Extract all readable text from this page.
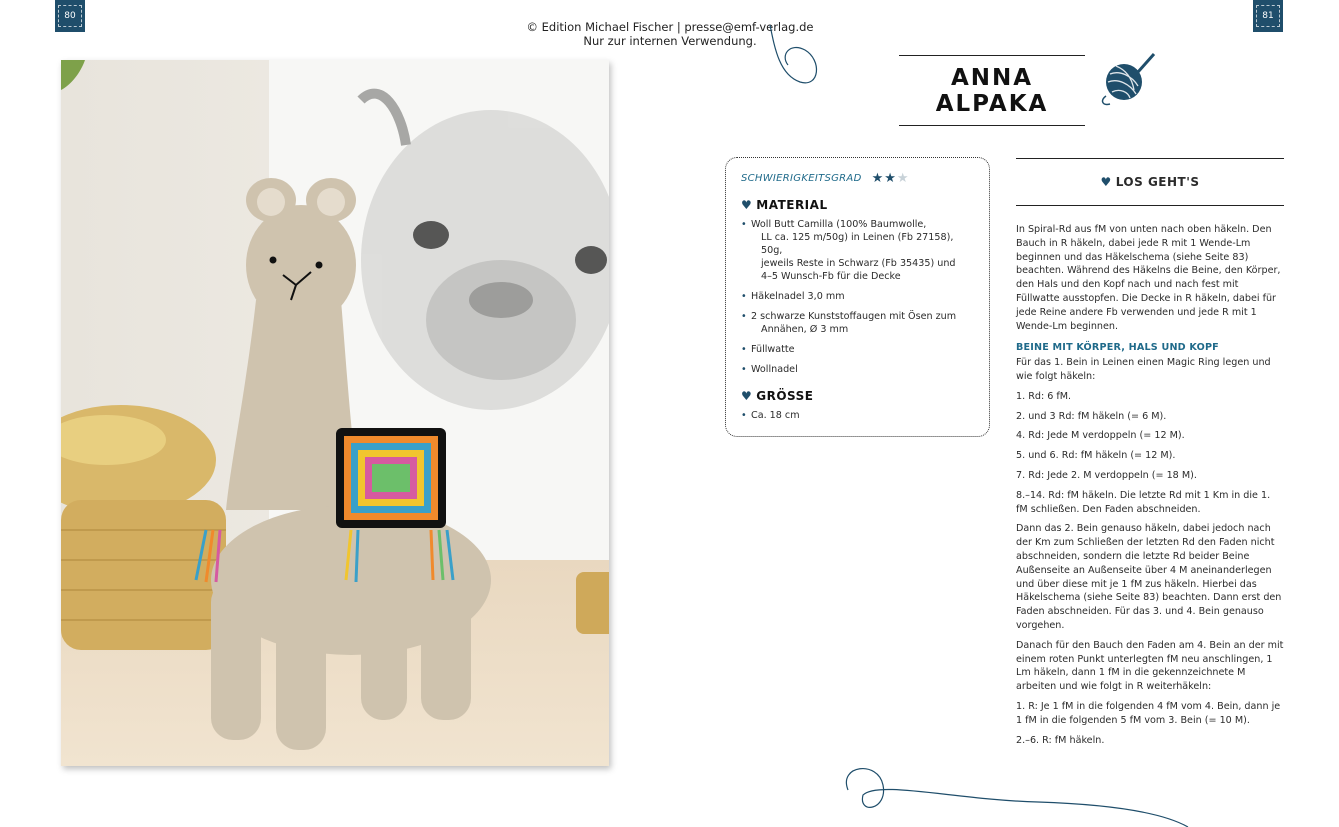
80	81
© Edition Michael Fischer | presse@emf-verlag.de
Nur zur internen Verwendung.
ANNA ALPAKA
SCHWIERIGKEITSGRAD ★★★
♥ MATERIAL
• Woll Butt Camilla (100% Baumwolle,
LL ca. 125 m/50g) in Leinen (Fb 27158), 50g,
jeweils Reste in Schwarz (Fb 35435) und
4–5 Wunsch-Fb für die Decke
• Häkelnadel 3,0 mm
• 2 schwarze Kunststoffaugen mit Ösen zum
Annähen, Ø 3 mm
• Füllwatte
• Wollnadel
♥ GRÖSSE
• Ca. 18 cm
♥ LOS GEHT'S

In Spiral-Rd aus fM von unten nach oben häkeln. Den Bauch in R häkeln, dabei jede R mit 1 Wende-Lm beginnen und das Häkelschema (siehe Seite 83) beachten. Während des Häkelns die Beine, den Körper, den Hals und den Kopf nach und nach fest mit Füllwatte ausstopfen. Die Decke in R häkeln, dabei für jede Reine andere Fb verwenden und jede R mit 1 Wende-Lm beginnen.

BEINE MIT KÖRPER, HALS UND KOPF

Für das 1. Bein in Leinen einen Magic Ring legen und wie folgt häkeln:

1. Rd: 6 fM.

2. und 3 Rd: fM häkeln (= 6 M).

4. Rd: Jede M verdoppeln (= 12 M).

5. und 6. Rd: fM häkeln (= 12 M).

7. Rd: Jede 2. M verdoppeln (= 18 M).

8.–14. Rd: fM häkeln. Die letzte Rd mit 1 Km in die 1. fM schließen. Den Faden abschneiden.

Dann das 2. Bein genauso häkeln, dabei jedoch nach der Km zum Schließen der letzten Rd den Faden nicht abschneiden, sondern die letzte Rd beider Beine Außenseite an Außenseite über 4 M aneinanderlegen und über diese mit je 1 fM zus häkeln. Hierbei das Häkelschema (siehe Seite 83) beachten. Dann erst den Faden abschneiden. Für das 3. und 4. Bein genauso vorgehen.

Danach für den Bauch den Faden am 4. Bein an der mit einem roten Punkt unterlegten fM neu anschlingen, 1 Lm häkeln, dann 1 fM in die gekennzeichnete M arbeiten und wie folgt in R weiterhäkeln:

1. R: Je 1 fM in die folgenden 4 fM vom 4. Bein, dann je 1 fM in die folgenden 5 fM vom 3. Bein (= 10 M).

2.–6. R: fM häkeln.
